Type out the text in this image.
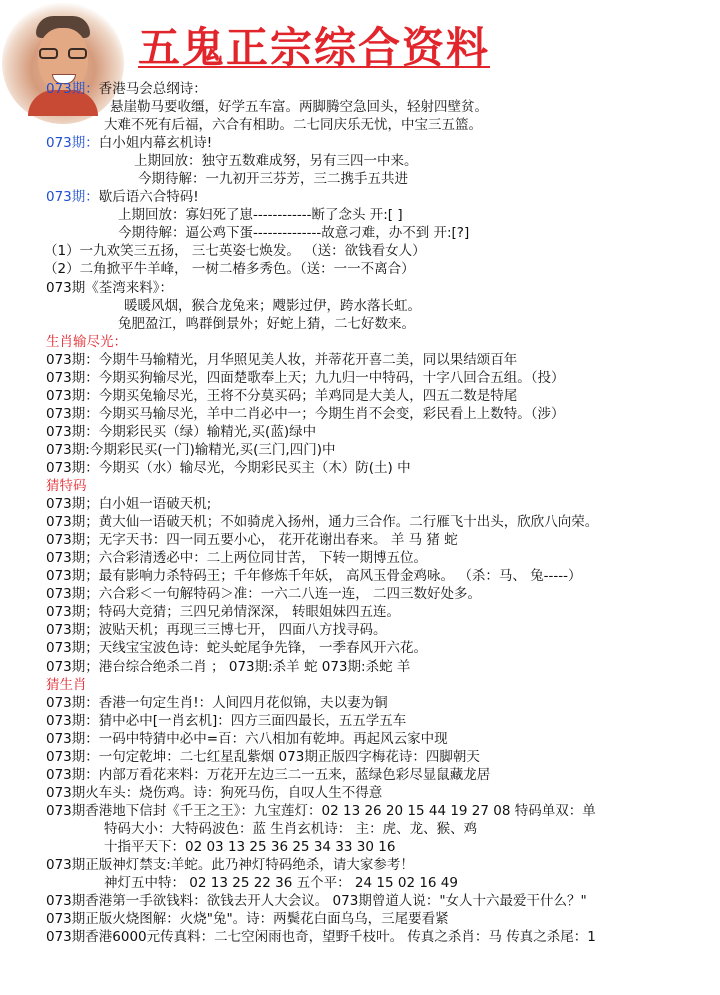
五鬼正宗综合资料
073期：香港马会总纲诗：
悬崖勒马要收缰，好学五车富。两脚腾空急回头，轻射四壁贫。
大难不死有后福，六合有相助。二七同庆乐无忧，中宝三五篮。
073期：白小姐内幕玄机诗!
上期回放：独守五数难成努，另有三四一中来。
今期待解：一九初开三芬芳，三二携手五共进
073期：歇后语六合特码!
上期回放：寡妇死了崽------------断了念头 开:[ ]
今期待解：逼公鸡下蛋--------------故意刁难，办不到 开:[?]
（1）一九欢笑三五扬， 三七英姿七焕发。 （送：欲钱看女人）
（2）二角掀平牛羊峰， 一树二椿多秀色。（送：一一不离合）
073期《荃湾来料》：
暖暖风烟，猴合龙兔来；飕影过伊，跨水落长虹。
兔肥盈江，鸣群倒景外；好蛇上猜，二七好数来。
生肖输尽光：
073期：今期牛马输精光，月华照见美人妆，并蒂花开喜二美，同以果结颂百年
073期：今期买狗输尽光，四面楚歌奉上天；九九归一中特码，十字八回合五组。（投）
073期：今期买兔输尽光，王将不分莫买码；羊鸡同是大美人，四五二数是特尾
073期：今期买马输尽光，羊中二肖必中一；今期生肖不会变，彩民看上上数特。（涉）
073期：今期彩民买（绿）输精光,买(蓝)绿中
073期:今期彩民买(一门)输精光,买(三门,四门)中
073期：今期买（水）输尽光，今期彩民买主（木）防(土) 中
猜特码
073期；白小姐一语破天机;
073期；黄大仙一语破天机；不如骑虎入扬州，通力三合作。二行雁飞十出头，欣欣八向荣。
073期；无字天书：四一同五要小心， 花开花谢出春来。 羊 马 猪 蛇
073期；六合彩清透必中：二上两位同甘苦， 下转一期博五位。
073期；最有影响力杀特码王；千年修炼千年妖， 高风玉骨金鸡咏。 （杀：马、 兔-----）
073期；六合彩＜一句解特码＞准：一六二八连一连， 二四三数好处多。
073期；特码大竞猜；三四兄弟情深深， 转眼姐妹四五连。
073期；波贴天机；再现三三博七开， 四面八方找寻码。
073期；天线宝宝波色诗：蛇头蛇尾争先锋， 一季春风开六花。
073期；港台综合绝杀二肖 ； 073期:杀羊 蛇 073期:杀蛇 羊
猜生肖
073期：香港一句定生肖!：人间四月花似锦，夫以妻为铜
073期：猜中必中[一肖玄机]：四方三面四最长，五五学五车
073期：一码中特猜中必中=百：六八相加有乾坤。再起风云家中现
073期：一句定乾坤：二七红星乱紫烟 073期正版四字梅花诗：四脚朝天
073期：内部万看花来料：万花开左边三二一五来，蓝绿色彩尽显鼠藏龙居
073期火车头：烧伤鸡。诗：狗死马伤，自叹人生不得意
073期香港地下信封《千王之王》：九宝莲灯：02 13 26 20 15 44 19 27 08 特码单双：单
特码大小：大特码波色：蓝 生肖玄机诗： 主：虎、龙、猴、鸡
十指平天下：02 03 13 25 36 25 34 33 30 16
073期正版神灯禁支:羊蛇。此乃神灯特码绝杀，请大家参考！
神灯五中特： 02 13 25 22 36 五个平： 24 15 02 16 49
073期香港第一手欲钱料：欲钱去开人大会议。 073期曾道人说："女人十六最爱干什么？"
073期正版火烧图解：火烧"兔"。诗：两鬓花白面乌乌，三尾要看紧
073期香港6000元传真料：二七空闲雨也奇，望野千枝叶。 传真之杀肖：马 传真之杀尾：1
